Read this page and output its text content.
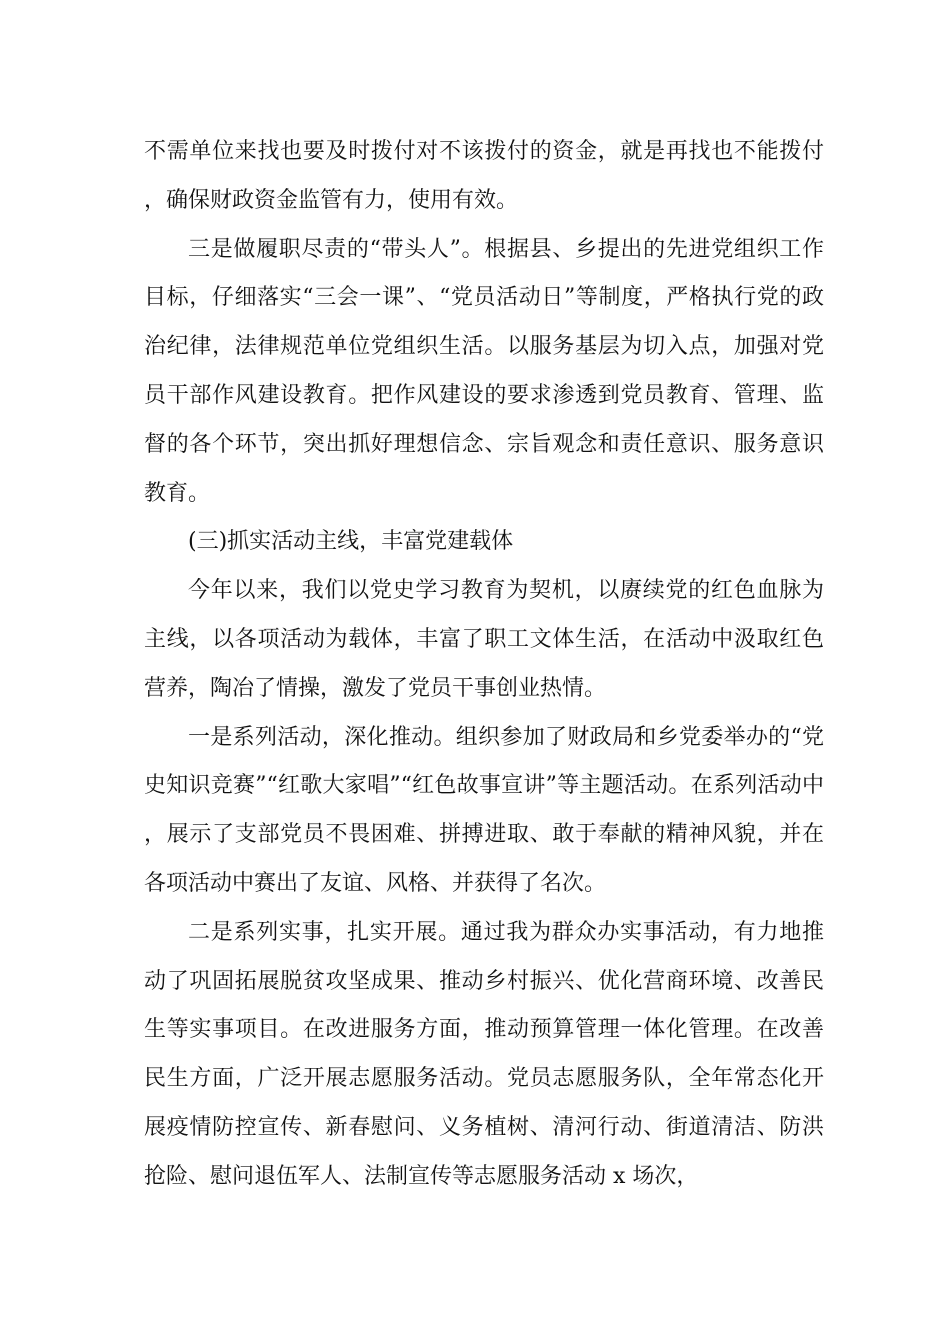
不需单位来找也要及时拨付对不该拨付的资金，就是再找也不能拨付，确保财政资金监管有力，使用有效。

三是做履职尽责的“带头人”。根据县、乡提出的先进党组织工作目标，仔细落实“三会一课”、“党员活动日”等制度，严格执行党的政治纪律，法律规范单位党组织生活。以服务基层为切入点，加强对党员干部作风建设教育。把作风建设的要求渗透到党员教育、管理、监督的各个环节，突出抓好理想信念、宗旨观念和责任意识、服务意识教育。

(三)抓实活动主线，丰富党建载体

今年以来，我们以党史学习教育为契机，以赓续党的红色血脉为主线，以各项活动为载体，丰富了职工文体生活，在活动中汲取红色营养，陶冶了情操，激发了党员干事创业热情。

一是系列活动，深化推动。组织参加了财政局和乡党委举办的“党史知识竞赛”“红歌大家唱”“红色故事宣讲”等主题活动。在系列活动中，展示了支部党员不畏困难、拼搏进取、敢于奉献的精神风貌，并在各项活动中赛出了友谊、风格、并获得了名次。

二是系列实事，扎实开展。通过我为群众办实事活动，有力地推动了巩固拓展脱贫攻坚成果、推动乡村振兴、优化营商环境、改善民生等实事项目。在改进服务方面，推动预算管理一体化管理。在改善民生方面，广泛开展志愿服务活动。党员志愿服务队，全年常态化开展疫情防控宣传、新春慰问、义务植树、清河行动、街道清洁、防洪抢险、慰问退伍军人、法制宣传等志愿服务活动 x 场次，
